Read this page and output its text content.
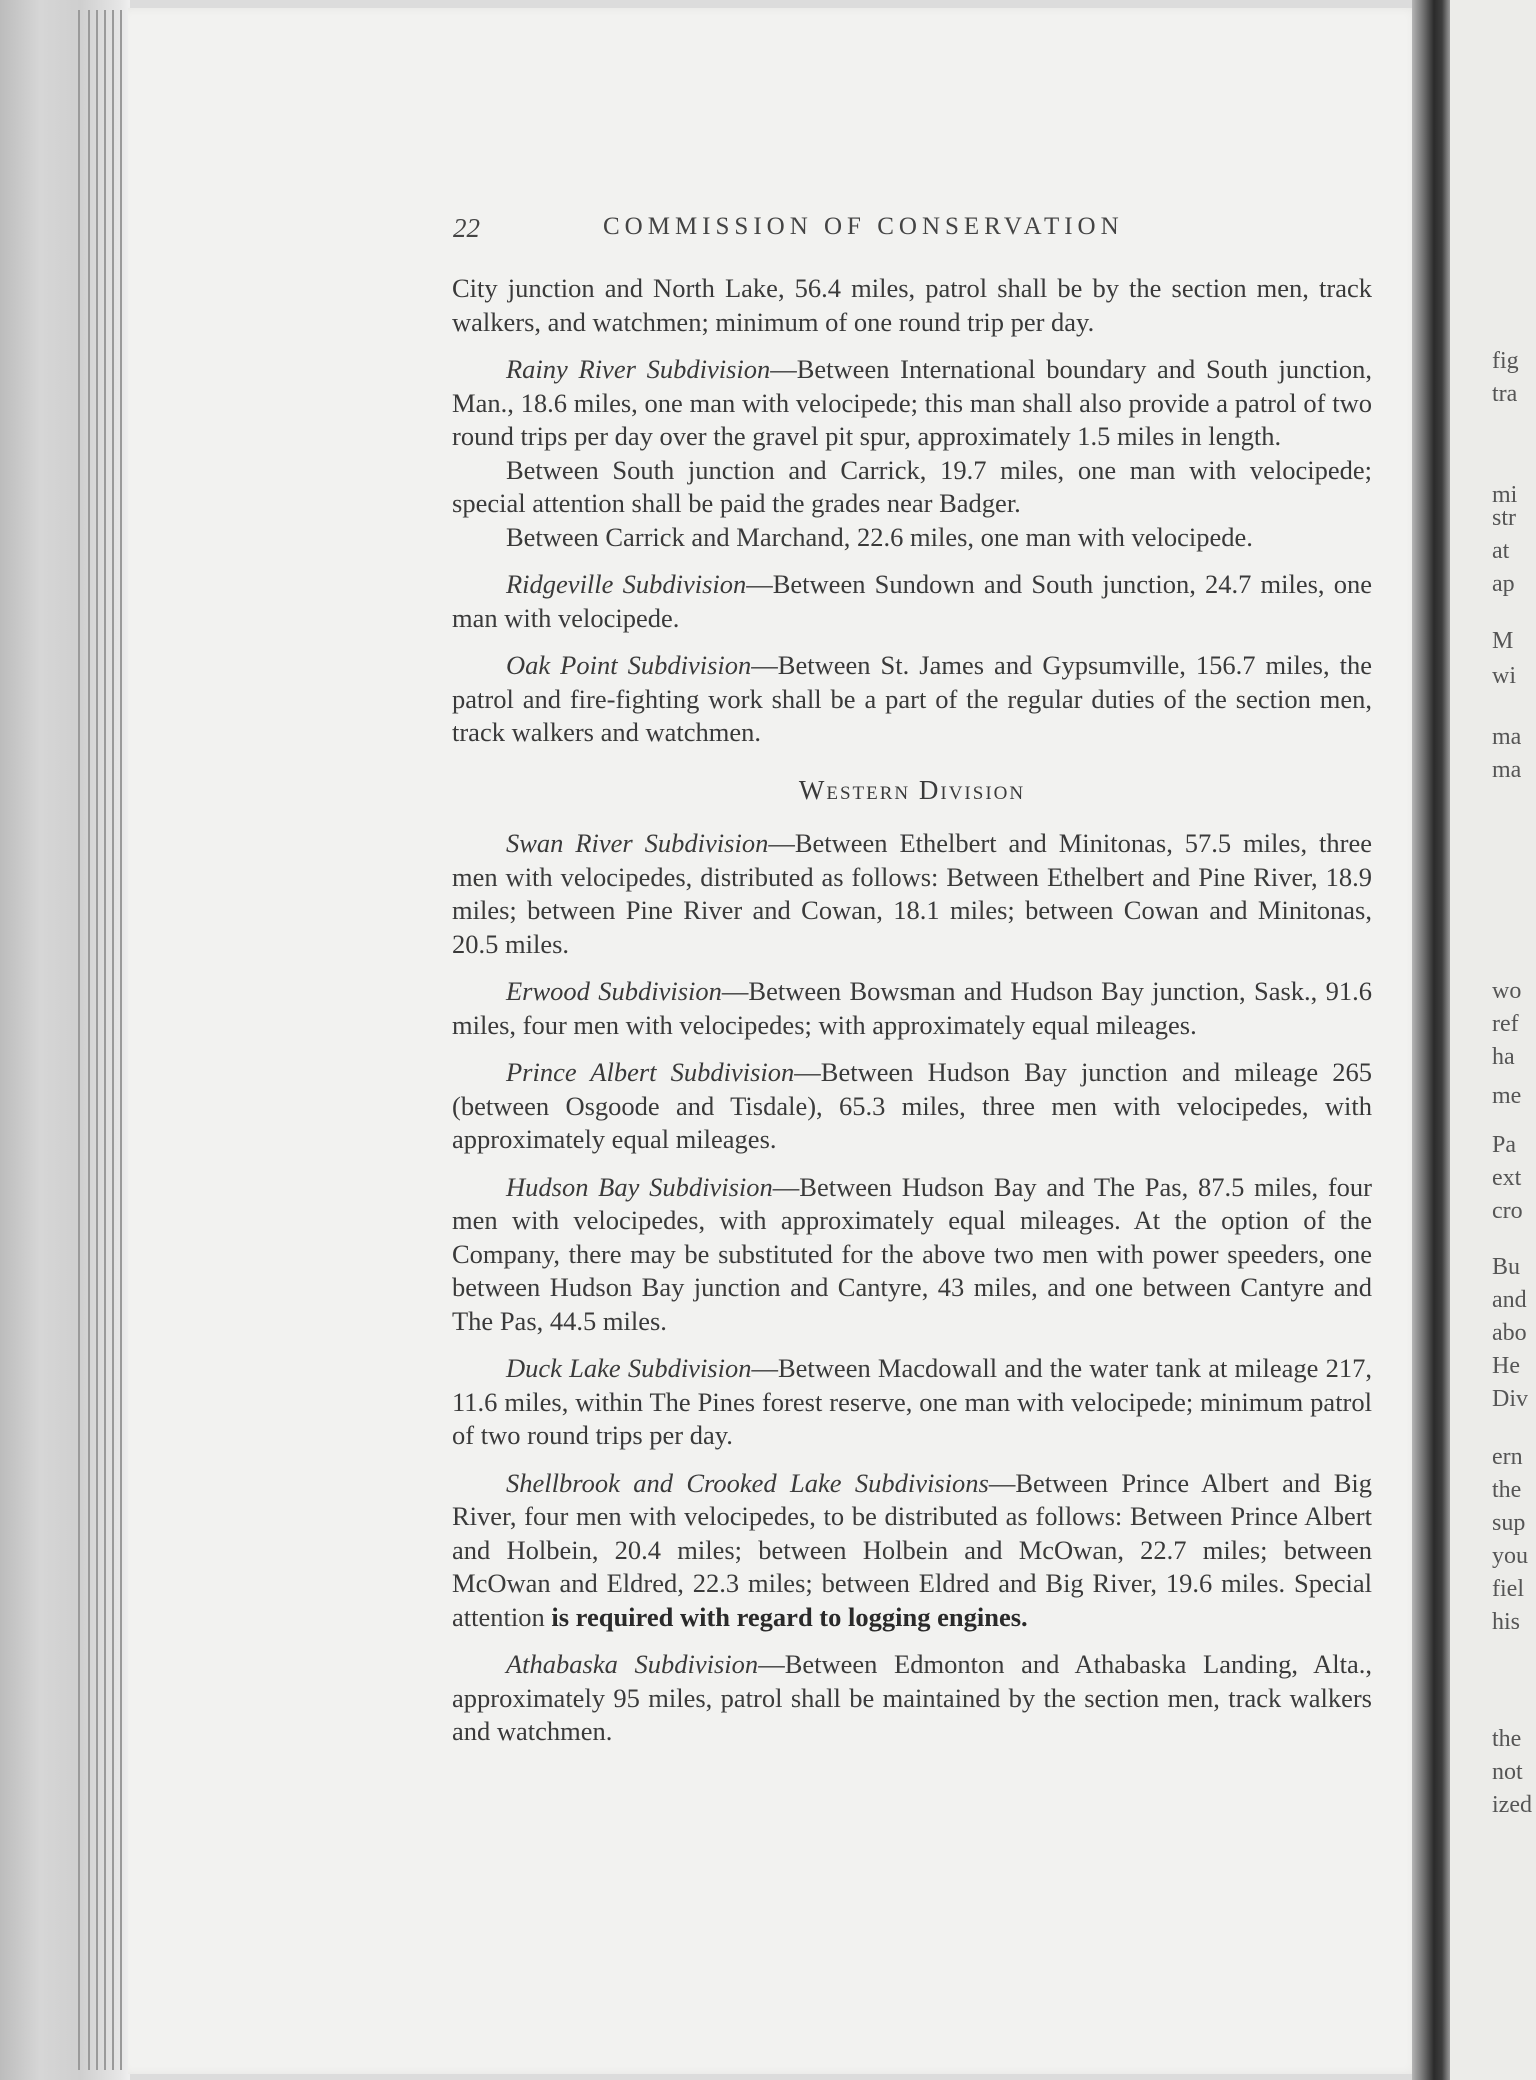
fig
tra
mi
str
at
ap
M
wi
ma
ma
wo
ref
ha
me
Pa
ext
cro
Bu
and
abo
He
Div
ern
the
sup
you
fiel
his
the
not
ized
22	COMMISSION OF CONSERVATION

City junction and North Lake, 56.4 miles, patrol shall be by the section men, track walkers, and watchmen; minimum of one round trip per day.

Rainy River Subdivision—Between International boundary and South junction, Man., 18.6 miles, one man with velocipede; this man shall also provide a patrol of two round trips per day over the gravel pit spur, approximately 1.5 miles in length.

Between South junction and Carrick, 19.7 miles, one man with velocipede; special attention shall be paid the grades near Badger.

Between Carrick and Marchand, 22.6 miles, one man with velocipede.

Ridgeville Subdivision—Between Sundown and South junction, 24.7 miles, one man with velocipede.

Oak Point Subdivision—Between St. James and Gypsumville, 156.7 miles, the patrol and fire-fighting work shall be a part of the regular duties of the section men, track walkers and watchmen.

Western Division

Swan River Subdivision—Between Ethelbert and Minitonas, 57.5 miles, three men with velocipedes, distributed as follows: Between Ethelbert and Pine River, 18.9 miles; between Pine River and Cowan, 18.1 miles; between Cowan and Minitonas, 20.5 miles.

Erwood Subdivision—Between Bowsman and Hudson Bay junction, Sask., 91.6 miles, four men with velocipedes; with approximately equal mileages.

Prince Albert Subdivision—Between Hudson Bay junction and mileage 265 (between Osgoode and Tisdale), 65.3 miles, three men with velocipedes, with approximately equal mileages.

Hudson Bay Subdivision—Between Hudson Bay and The Pas, 87.5 miles, four men with velocipedes, with approximately equal mileages. At the option of the Company, there may be substituted for the above two men with power speeders, one between Hudson Bay junction and Cantyre, 43 miles, and one between Cantyre and The Pas, 44.5 miles.

Duck Lake Subdivision—Between Macdowall and the water tank at mileage 217, 11.6 miles, within The Pines forest reserve, one man with velocipede; minimum patrol of two round trips per day.

Shellbrook and Crooked Lake Subdivisions—Between Prince Albert and Big River, four men with velocipedes, to be distributed as follows: Between Prince Albert and Holbein, 20.4 miles; between Holbein and McOwan, 22.7 miles; between McOwan and Eldred, 22.3 miles; between Eldred and Big River, 19.6 miles. Special attention is required with regard to logging engines.

Athabaska Subdivision—Between Edmonton and Athabaska Landing, Alta., approximately 95 miles, patrol shall be maintained by the section men, track walkers and watchmen.
